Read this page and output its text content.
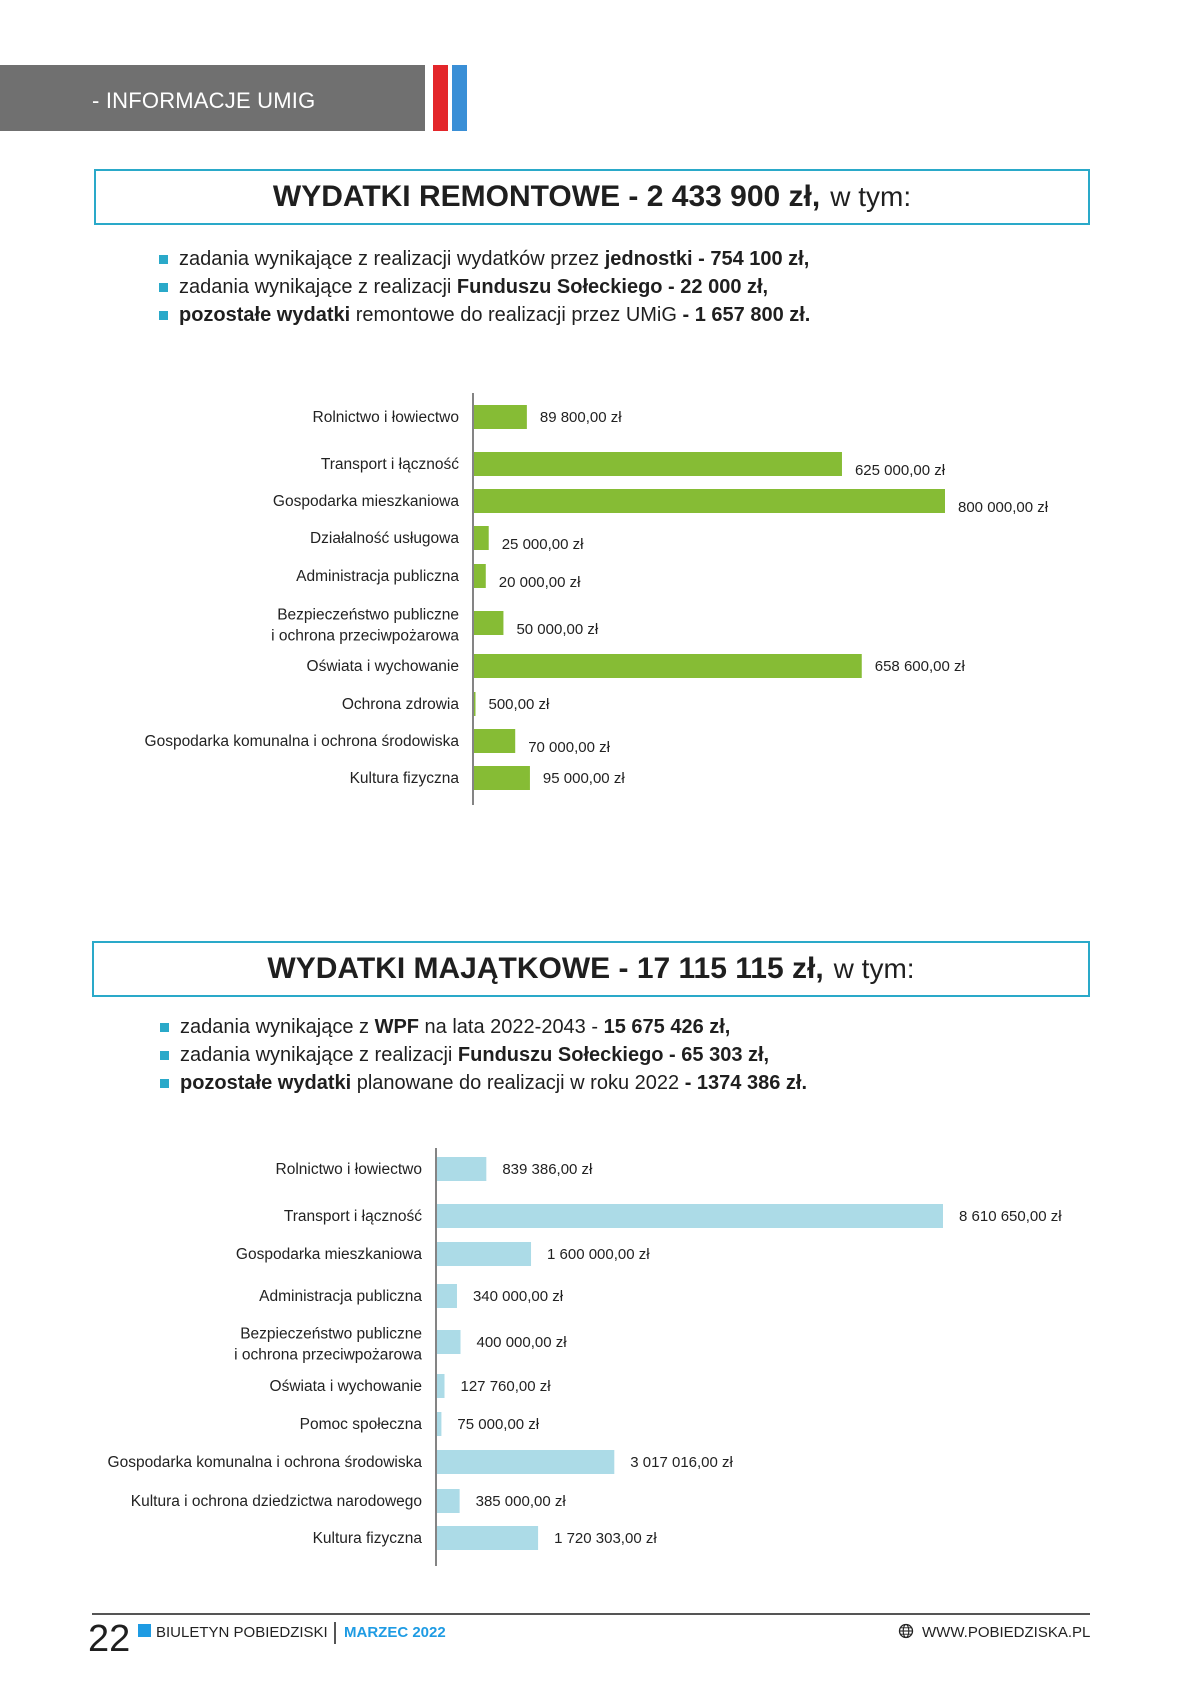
- INFORMACJE UMIG
WYDATKI REMONTOWE - 2 433 900 zł, w tym:
zadania wynikające z realizacji wydatków przez jednostki - 754 100 zł,
zadania wynikające z realizacji Funduszu Sołeckiego - 22 000 zł,
pozostałe wydatki remontowe do realizacji przez UMiG - 1 657 800 zł.
Rolnictwo i łowiectwo	89 800,00 zł
Transport i łączność	625 000,00 zł
Gospodarka mieszkaniowa	800 000,00 zł
Działalność usługowa	25 000,00 zł
Administracja publiczna	20 000,00 zł
Bezpieczeństwo publiczne
i ochrona przeciwpożarowa	50 000,00 zł
Oświata i wychowanie	658 600,00 zł
Ochrona zdrowia 500,00 zł
Gospodarka komunalna i ochrona środowiska	70 000,00 zł
Kultura fizyczna	95 000,00 zł
WYDATKI MAJĄTKOWE - 17 115 115 zł, w tym:
zadania wynikające z WPF na lata 2022-2043 - 15 675 426 zł,
zadania wynikające z realizacji Funduszu Sołeckiego - 65 303 zł,
pozostałe wydatki planowane do realizacji w roku 2022 - 1374 386 zł.
Rolnictwo i łowiectwo	839 386,00 zł
Transport i łączność	8 610 650,00 zł
Gospodarka mieszkaniowa	1 600 000,00 zł
Administracja publiczna	340 000,00 zł
Bezpieczeństwo publiczne
i ochrona przeciwpożarowa
400 000,00 zł
Oświata i wychowanie	127 760,00 zł
Pomoc społeczna 75 000,00 zł
Gospodarka komunalna i ochrona środowiska	3 017 016,00 zł
Kultura i ochrona dziedzictwa narodowego	385 000,00 zł
Kultura fizyczna	1 720 303,00 zł
22 BIULETYN POBIEDZISKI MARZEC 2022	WWW.POBIEDZISKA.PL
